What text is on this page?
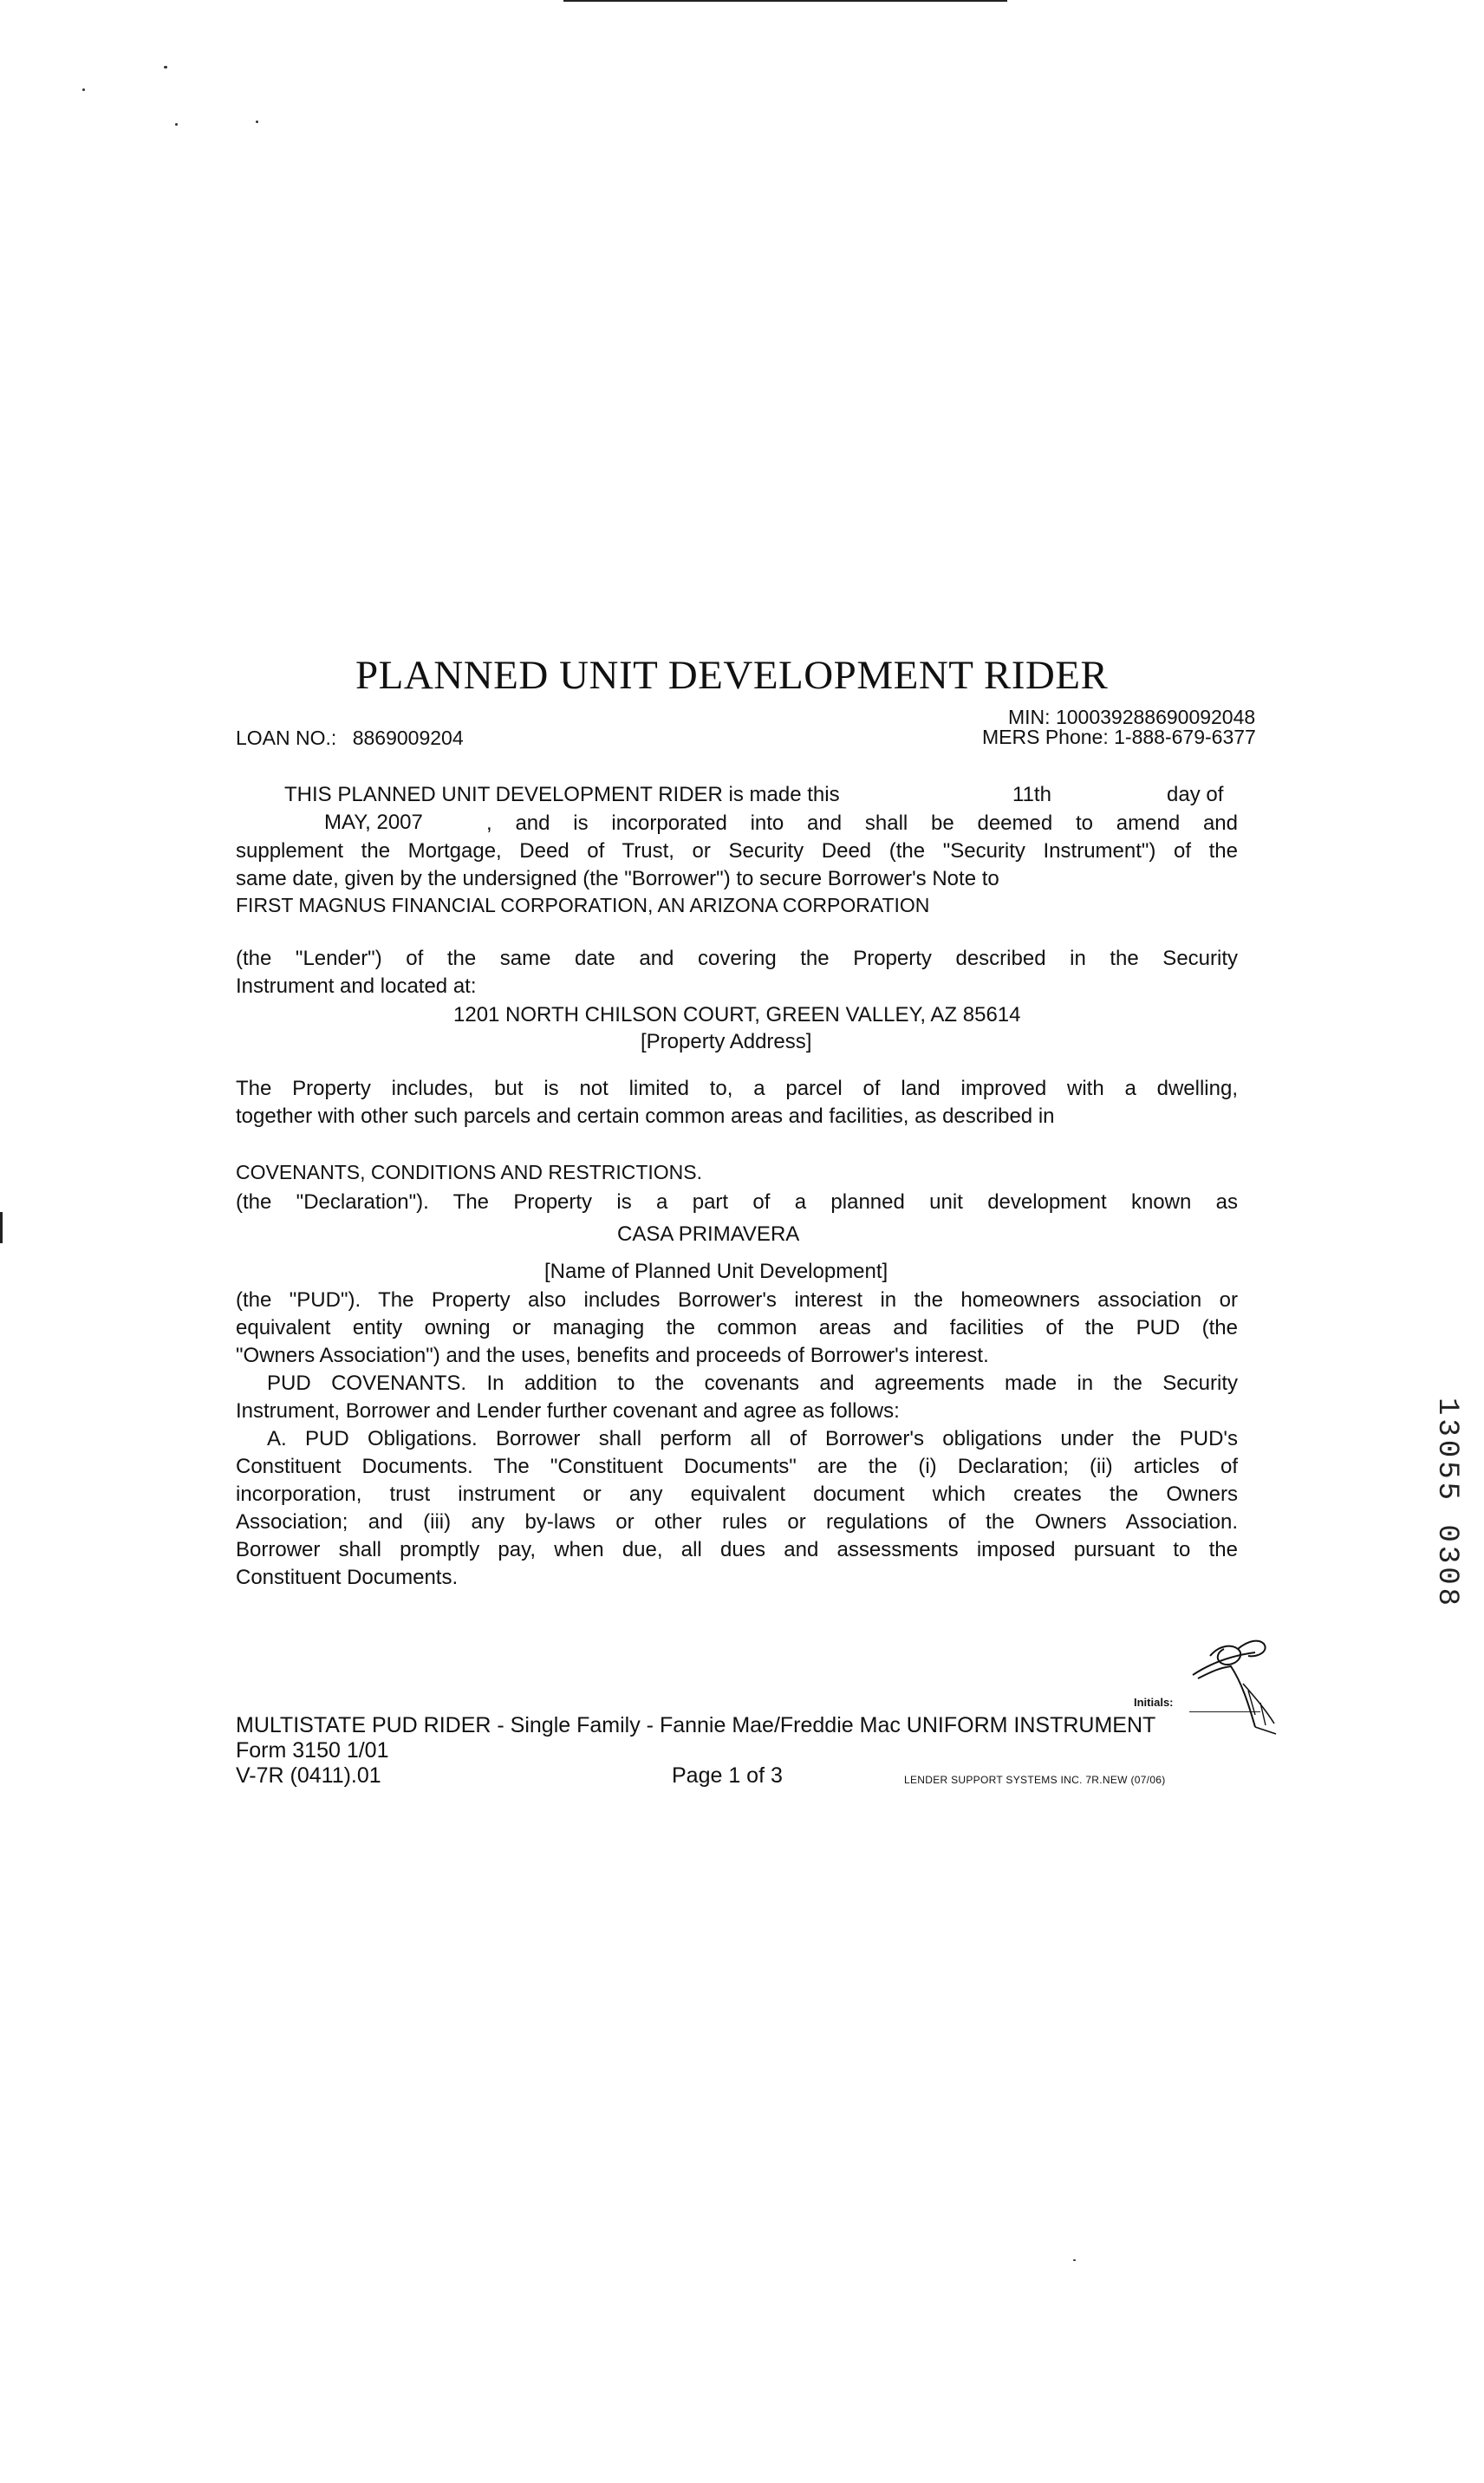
PLANNED UNIT DEVELOPMENT RIDER
MIN: 100039288690092048
MERS Phone: 1-888-679-6377
LOAN NO.: 8869009204
THIS PLANNED UNIT DEVELOPMENT RIDER is made this	11th	day of
MAY, 2007	, and is incorporated into and shall be deemed to amend and
supplement the Mortgage, Deed of Trust, or Security Deed (the "Security Instrument") of the
same date, given by the undersigned (the "Borrower") to secure Borrower's Note to
FIRST MAGNUS FINANCIAL CORPORATION, AN ARIZONA CORPORATION
(the "Lender") of the same date and covering the Property described in the Security
Instrument and located at:
1201 NORTH CHILSON COURT, GREEN VALLEY, AZ 85614
[Property Address]
The Property includes, but is not limited to, a parcel of land improved with a dwelling,
together with other such parcels and certain common areas and facilities, as described in
COVENANTS, CONDITIONS AND RESTRICTIONS.
(the "Declaration"). The Property is a part of a planned unit development known as
CASA PRIMAVERA
[Name of Planned Unit Development]
(the "PUD"). The Property also includes Borrower's interest in the homeowners association or
equivalent entity owning or managing the common areas and facilities of the PUD (the
"Owners Association") and the uses, benefits and proceeds of Borrower's interest.
PUD COVENANTS. In addition to the covenants and agreements made in the Security
Instrument, Borrower and Lender further covenant and agree as follows:
A. PUD Obligations. Borrower shall perform all of Borrower's obligations under the PUD's
Constituent Documents. The "Constituent Documents" are the (i) Declaration; (ii) articles of
incorporation, trust instrument or any equivalent document which creates the Owners
Association; and (iii) any by-laws or other rules or regulations of the Owners Association.
Borrower shall promptly pay, when due, all dues and assessments imposed pursuant to the
Constituent Documents.	13055 0308
Initials:
MULTISTATE PUD RIDER - Single Family - Fannie Mae/Freddie Mac UNIFORM INSTRUMENT
Form 3150 1/01
V-7R (0411).01	Page 1 of 3	LENDER SUPPORT SYSTEMS INC. 7R.NEW (07/06)
